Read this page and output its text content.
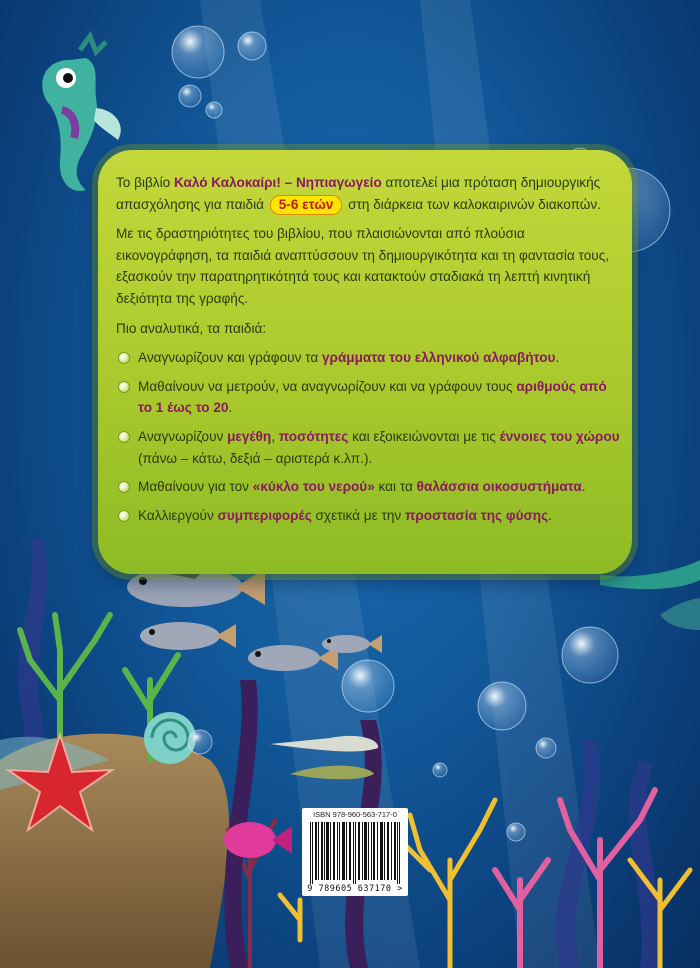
Το βιβλίο Καλό Καλοκαίρι! – Νηπιαγωγείο αποτελεί μια πρόταση δημιουργικής απασχόλησης για παιδιά 5-6 ετών στη διάρκεια των καλοκαιρινών διακοπών.

Με τις δραστηριότητες του βιβλίου, που πλαισιώνονται από πλούσια εικονογράφηση, τα παιδιά αναπτύσσουν τη δημιουργικότητα και τη φαντασία τους, εξασκούν την παρατηρητικότητά τους και κατακτούν σταδιακά τη λεπτή κινητική δεξιότητα της γραφής.

Πιο αναλυτικά, τα παιδιά:

Αναγνωρίζουν και γράφουν τα γράμματα του ελληνικού αλφαβήτου.
Μαθαίνουν να μετρούν, να αναγνωρίζουν και να γράφουν τους αριθμούς από το 1 έως το 20.
Αναγνωρίζουν μεγέθη, ποσότητες και εξοικειώνονται με τις έννοιες του χώρου (πάνω – κάτω, δεξιά – αριστερά κ.λπ.).
Μαθαίνουν για τον «κύκλο του νερού» και τα θαλάσσια οικοσυστήματα.
Καλλιεργούν συμπεριφορές σχετικά με την προστασία της φύσης.
ISBN 978-960-563-717-0
9 789605 637170 >
